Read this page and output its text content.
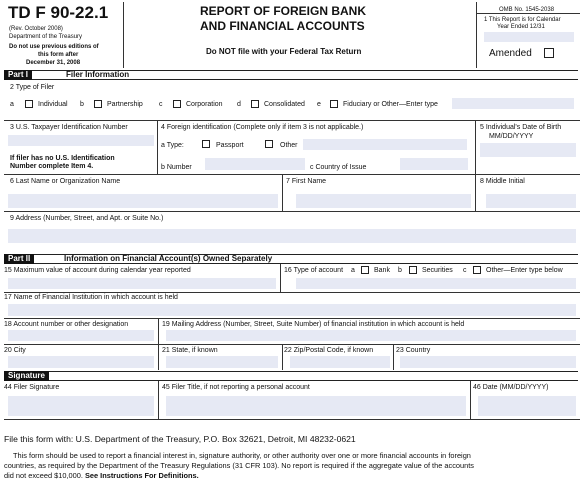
TD F 90-22.1
(Rev. October 2008)
Department of the Treasury
Do not use previous editions of
this form after
December 31, 2008
REPORT OF FOREIGN BANK
AND FINANCIAL ACCOUNTS
Do NOT file with your Federal Tax Return
OMB No. 1545-2038
1 This Report is for Calendar
Year Ended 12/31
Amended
Part I	Filer Information
2 Type of Filer
a	Individual b	Partnership c	Corporation d	Consolidated e	Fiduciary or Other—Enter type
3 U.S. Taxpayer Identification Number
If filer has no U.S. Identification
Number complete Item 4.
4 Foreign identification (Complete only if item 3 is not applicable.)
a Type:	Passport	Other
b Number	c Country of Issue
5 Individual's Date of Birth
MM/DD/YYYY
6 Last Name or Organization Name	7 First Name	8 Middle Initial
9 Address (Number, Street, and Apt. or Suite No.)
Part II	Information on Financial Account(s) Owned Separately
15 Maximum value of account during calendar year reported	16 Type of account a	Bank b	Securities c	Other—Enter type below
17 Name of Financial Institution in which account is held
18 Account number or other designation	19 Mailing Address (Number, Street, Suite Number) of financial institution in which account is held
20 City	21 State, if known	22 Zip/Postal Code, if known	23 Country
Signature
44 Filer Signature	45 Filer Title, if not reporting a personal account	46 Date (MM/DD/YYYY)
File this form with: U.S. Department of the Treasury, P.O. Box 32621, Detroit, MI 48232-0621
This form should be used to report a financial interest in, signature authority, or other authority over one or more financial accounts in foreign
countries, as required by the Department of the Treasury Regulations (31 CFR 103). No report is required if the aggregate value of the accounts
did not exceed $10,000. See Instructions For Definitions.
